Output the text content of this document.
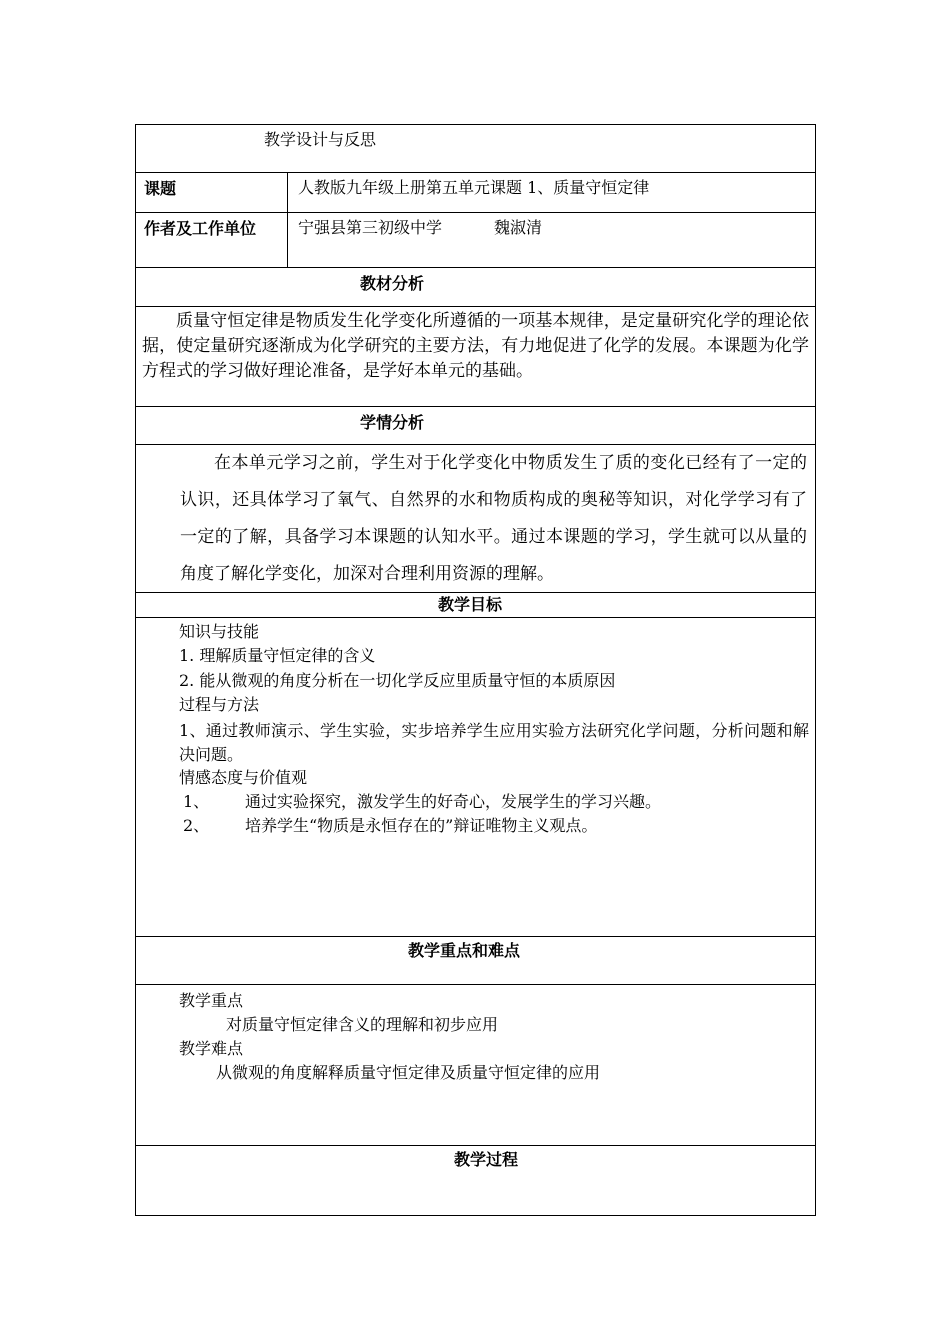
教学设计与反思
课题	人教版九年级上册第五单元课题 1、质量守恒定律
作者及工作单位	宁强县第三初级中学	魏淑清
教材分析
质量守恒定律是物质发生化学变化所遵循的一项基本规律，是定量研究化学的理论依据，使定量研究逐渐成为化学研究的主要方法，有力地促进了化学的发展。本课题为化学方程式的学习做好理论准备，是学好本单元的基础。
学情分析
在本单元学习之前，学生对于化学变化中物质发生了质的变化已经有了一定的认识，还具体学习了氧气、自然界的水和物质构成的奥秘等知识，对化学学习有了一定的了解，具备学习本课题的认知水平。通过本课题的学习，学生就可以从量的角度了解化学变化，加深对合理利用资源的理解。
教学目标
知识与技能
1. 理解质量守恒定律的含义
2. 能从微观的角度分析在一切化学反应里质量守恒的本质原因
过程与方法
1、通过教师演示、学生实验，实步培养学生应用实验方法研究化学问题，分析问题和解决问题。
情感态度与价值观
1、 通过实验探究，激发学生的好奇心，发展学生的学习兴趣。
2、 培养学生“物质是永恒存在的”辩证唯物主义观点。
教学重点和难点
教学重点
对质量守恒定律含义的理解和初步应用
教学难点
从微观的角度解释质量守恒定律及质量守恒定律的应用
教学过程
